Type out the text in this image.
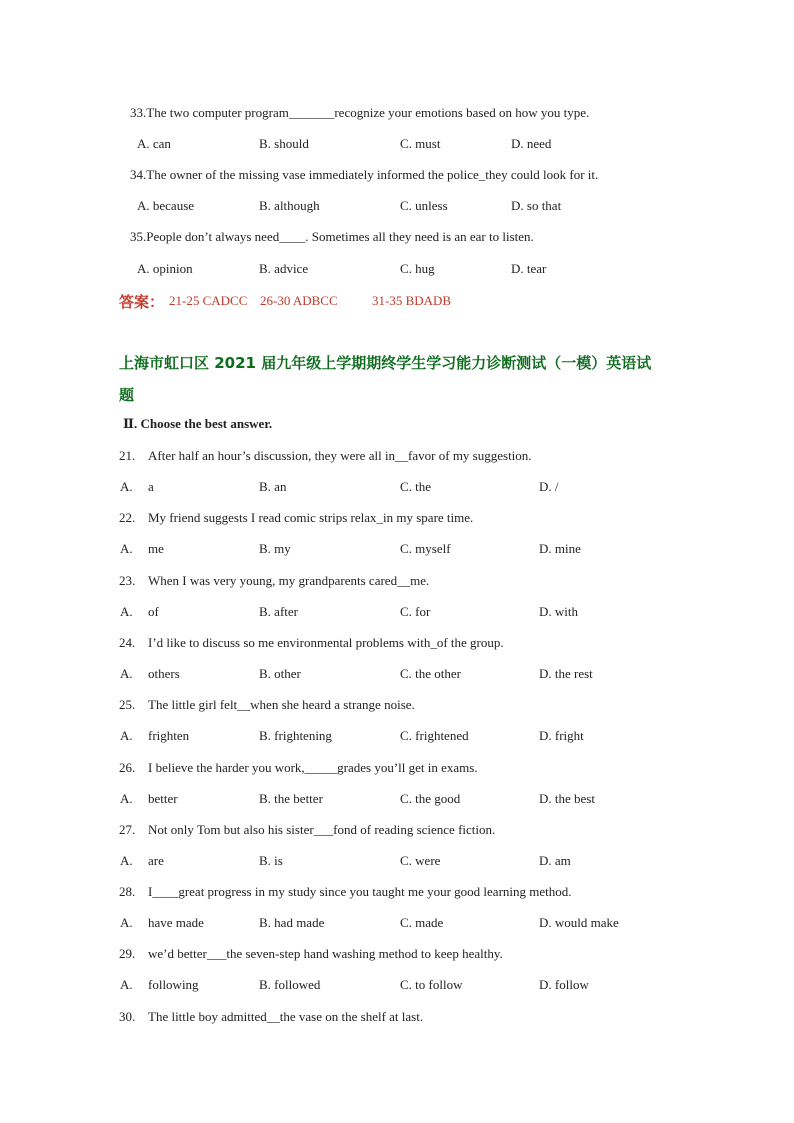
33.The two computer program_______recognize your emotions based on how you type.
A. can	B. should	C. must	D. need
34.The owner of the missing vase immediately informed the police_they could look for it.
A. because	B. although	C. unless	D. so that
35.People don’t always need____. Sometimes all they need is an ear to listen.
A. opinion	B. advice	C. hug	D. tear
答案： 21-25 CADCC 26-30 ADBCC	31-35 BDADB
上海市虹口区 2021 届九年级上学期期终学生学习能力诊断测试（一模）英语试
题
Ⅱ. Choose the best answer.
21. After half an hour’s discussion, they were all in__favor of my suggestion.
A. a	B. an	C. the	D. /
22. My friend suggests I read comic strips relax_in my spare time.
A. me	B. my	C. myself	D. mine
23. When I was very young, my grandparents cared__me.
A. of	B. after	C. for	D. with
24. I’d like to discuss so me environmental problems with_of the group.
A. others	B. other	C. the other	D. the rest
25. The little girl felt__when she heard a strange noise.
A. frighten	B. frightening	C. frightened	D. fright
26. I believe the harder you work,_____grades you’ll get in exams.
A. better	B. the better	C. the good	D. the best
27. Not only Tom but also his sister___fond of reading science fiction.
A. are	B. is	C. were	D. am
28. I____great progress in my study since you taught me your good learning method.
A. have made	B. had made	C. made	D. would make
29. we’d better___the seven-step hand washing method to keep healthy.
A. following	B. followed	C. to follow	D. follow
30. The little boy admitted__the vase on the shelf at last.
